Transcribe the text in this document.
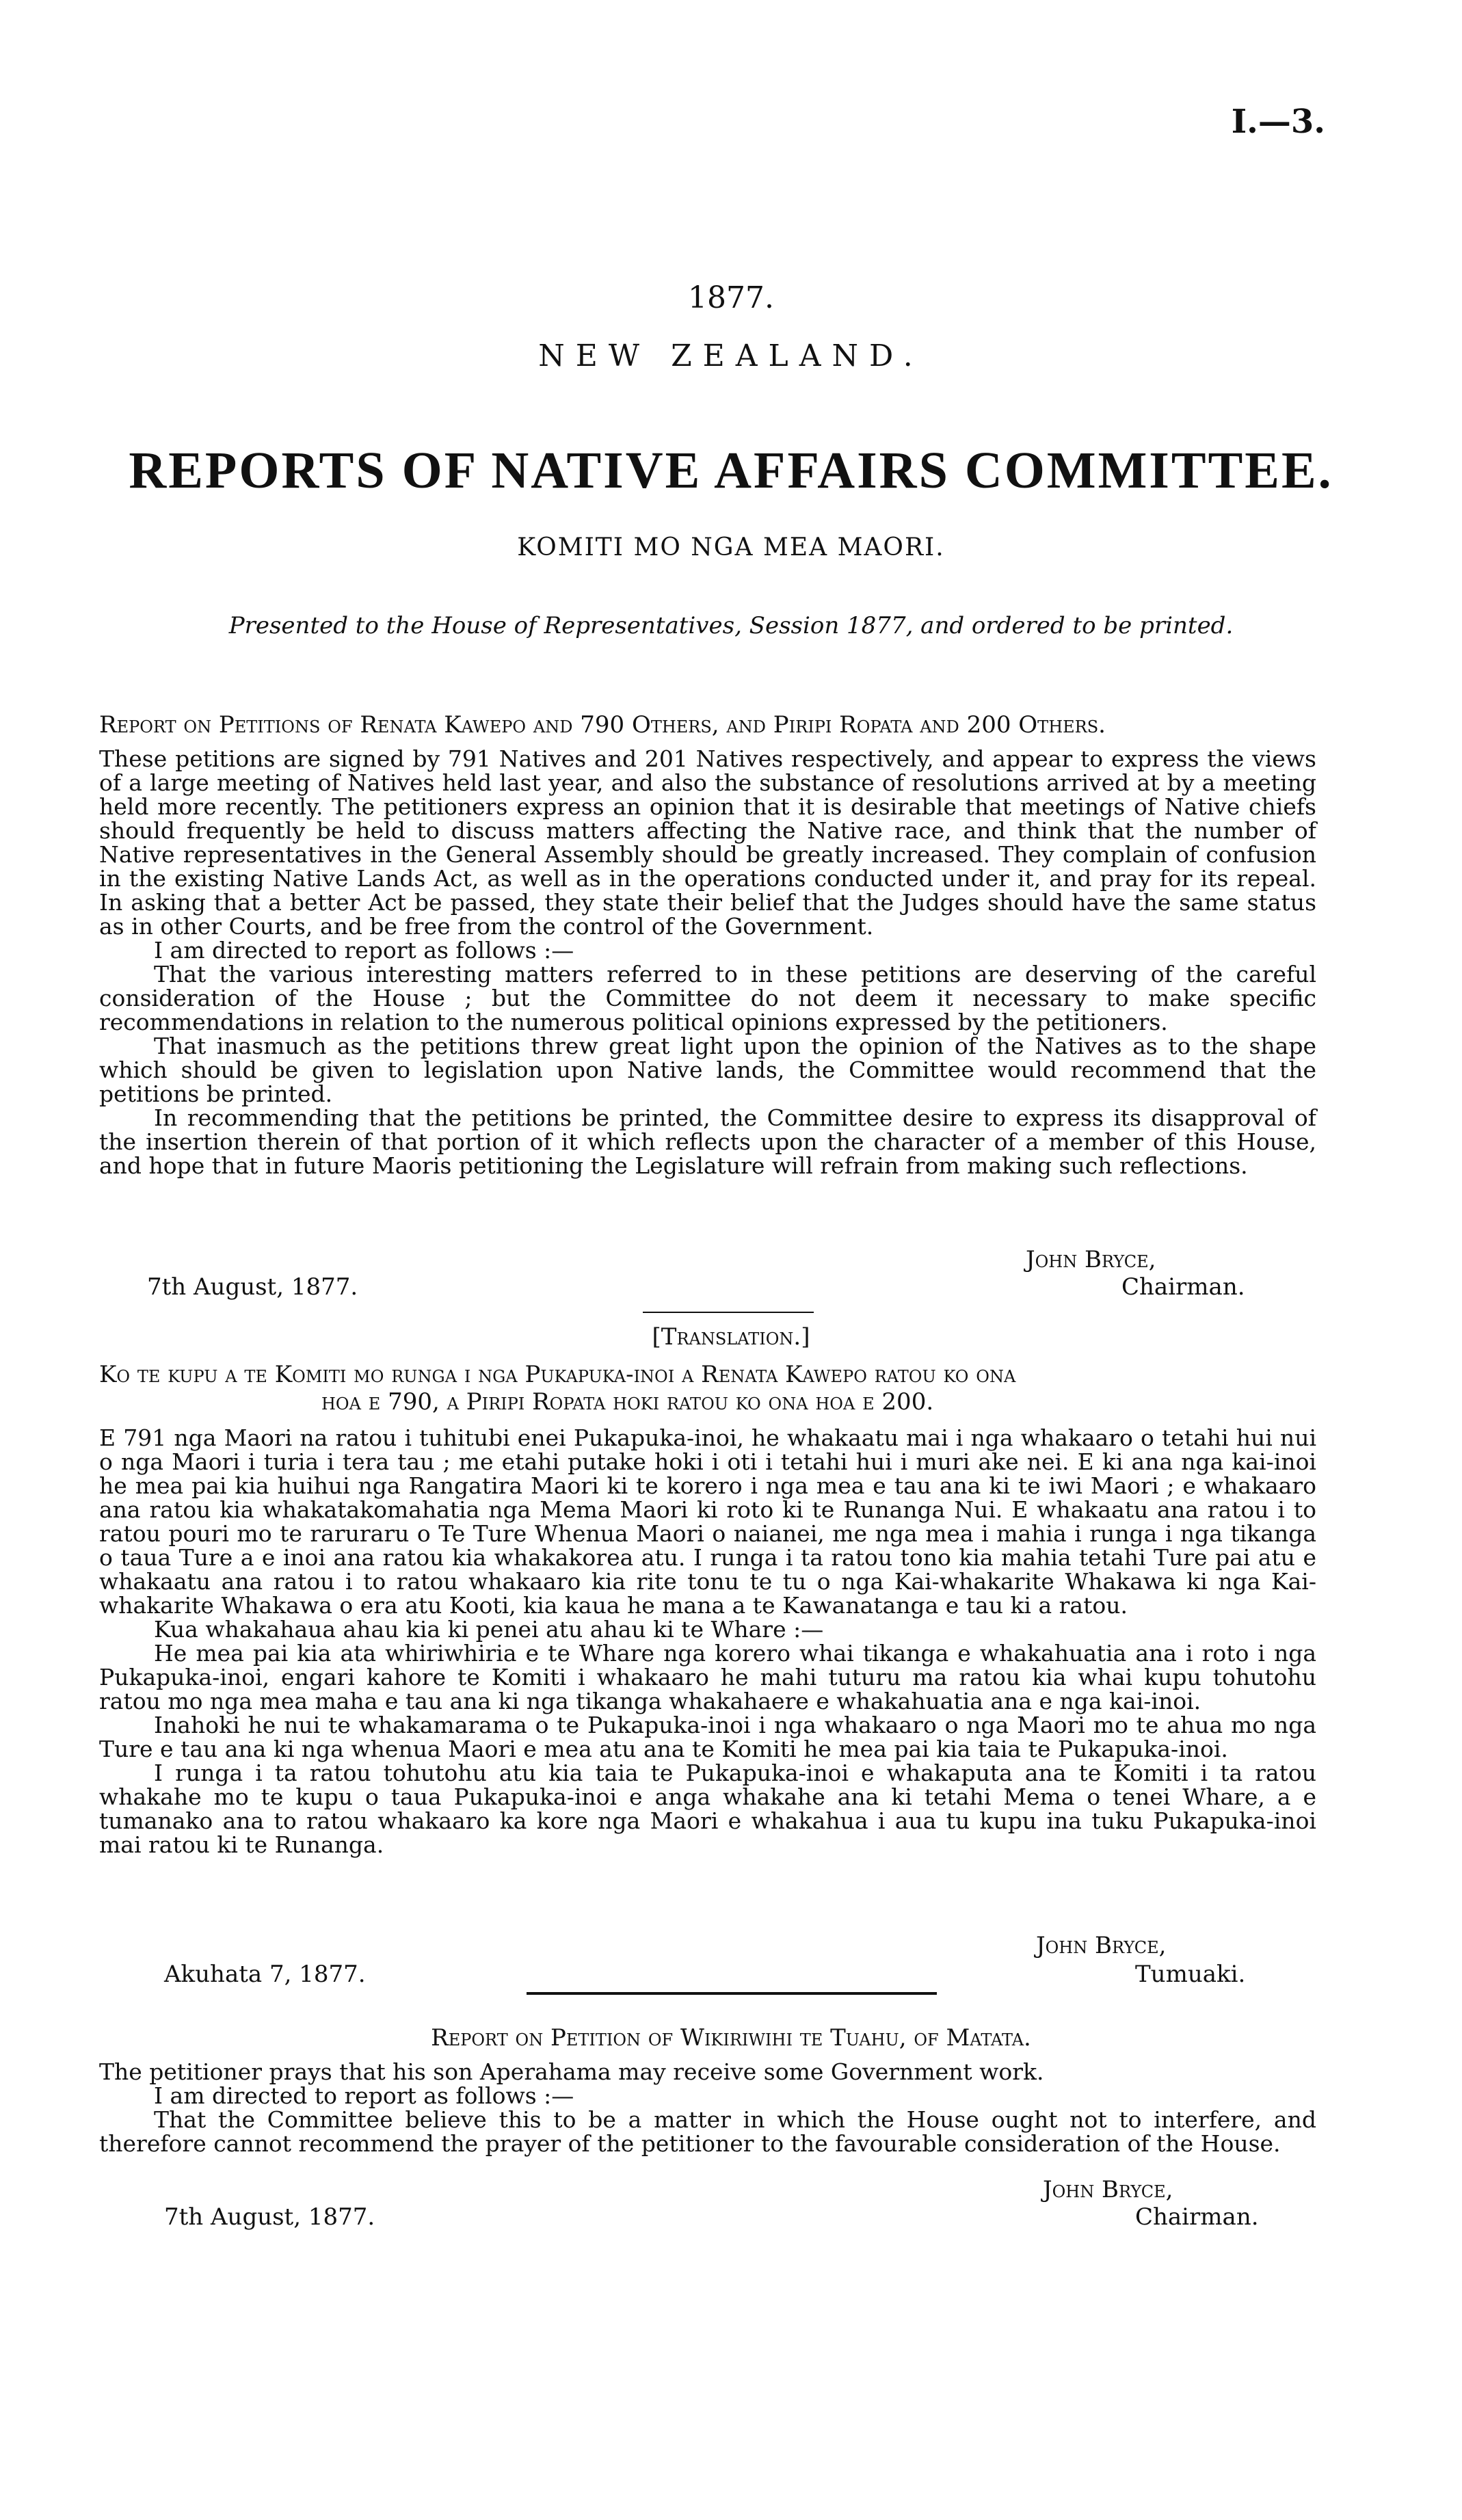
I.—3.
1877.
NEW ZEALAND.
REPORTS OF NATIVE AFFAIRS COMMITTEE.
KOMITI MO NGA MEA MAORI.
Presented to the House of Representatives, Session 1877, and ordered to be printed.
Report on Petitions of Renata Kawepo and 790 Others, and Piripi Ropata and 200 Others.

These petitions are signed by 791 Natives and 201 Natives respectively, and appear to express the views of a large meeting of Natives held last year, and also the substance of resolutions arrived at by a meeting held more recently. The petitioners express an opinion that it is desirable that meetings of Native chiefs should frequently be held to discuss matters affecting the Native race, and think that the number of Native representatives in the General Assembly should be greatly increased. They complain of confusion in the existing Native Lands Act, as well as in the operations conducted under it, and pray for its repeal. In asking that a better Act be passed, they state their belief that the Judges should have the same status as in other Courts, and be free from the control of the Government.

I am directed to report as follows :—

That the various interesting matters referred to in these petitions are deserving of the careful consideration of the House ; but the Committee do not deem it necessary to make specific recommendations in relation to the numerous political opinions expressed by the petitioners.

That inasmuch as the petitions threw great light upon the opinion of the Natives as to the shape which should be given to legislation upon Native lands, the Committee would recommend that the petitions be printed.

In recommending that the petitions be printed, the Committee desire to express its disapproval of the insertion therein of that portion of it which reflects upon the character of a member of this House, and hope that in future Maoris petitioning the Legislature will refrain from making such reflections.

John Bryce,
7th August, 1877.	Chairman.
[Translation.]
Ko te kupu a te Komiti mo runga i nga Pukapuka-inoi a Renata Kawepo ratou ko ona
hoa e 790, a Piripi Ropata hoki ratou ko ona hoa e 200.

E 791 nga Maori na ratou i tuhitubi enei Pukapuka-inoi, he whakaatu mai i nga whakaaro o tetahi hui nui o nga Maori i turia i tera tau ; me etahi putake hoki i oti i tetahi hui i muri ake nei. E ki ana nga kai-inoi he mea pai kia huihui nga Rangatira Maori ki te korero i nga mea e tau ana ki te iwi Maori ; e whakaaro ana ratou kia whakatakomahatia nga Mema Maori ki roto ki te Runanga Nui. E whakaatu ana ratou i to ratou pouri mo te raruraru o Te Ture Whenua Maori o naianei, me nga mea i mahia i runga i nga tikanga o taua Ture a e inoi ana ratou kia whakakorea atu. I runga i ta ratou tono kia mahia tetahi Ture pai atu e whakaatu ana ratou i to ratou whakaaro kia rite tonu te tu o nga Kai-whakarite Whakawa ki nga Kai-whakarite Whakawa o era atu Kooti, kia kaua he mana a te Kawanatanga e tau ki a ratou.

Kua whakahaua ahau kia ki penei atu ahau ki te Whare :—

He mea pai kia ata whiriwhiria e te Whare nga korero whai tikanga e whakahuatia ana i roto i nga Pukapuka-inoi, engari kahore te Komiti i whakaaro he mahi tuturu ma ratou kia whai kupu tohutohu ratou mo nga mea maha e tau ana ki nga tikanga whakahaere e whakahuatia ana e nga kai-inoi.

Inahoki he nui te whakamarama o te Pukapuka-inoi i nga whakaaro o nga Maori mo te ahua mo nga Ture e tau ana ki nga whenua Maori e mea atu ana te Komiti he mea pai kia taia te Pukapuka-inoi.

I runga i ta ratou tohutohu atu kia taia te Pukapuka-inoi e whakaputa ana te Komiti i ta ratou whakahe mo te kupu o taua Pukapuka-inoi e anga whakahe ana ki tetahi Mema o tenei Whare, a e tumanako ana to ratou whakaaro ka kore nga Maori e whakahua i aua tu kupu ina tuku Pukapuka-inoi mai ratou ki te Runanga.

John Bryce,
Akuhata 7, 1877.	Tumuaki.
Report on Petition of Wikiriwihi te Tuahu, of Matata.

The petitioner prays that his son Aperahama may receive some Government work.

I am directed to report as follows :—

That the Committee believe this to be a matter in which the House ought not to interfere, and therefore cannot recommend the prayer of the petitioner to the favourable consideration of the House.

John Bryce,
7th August, 1877.	Chairman.
